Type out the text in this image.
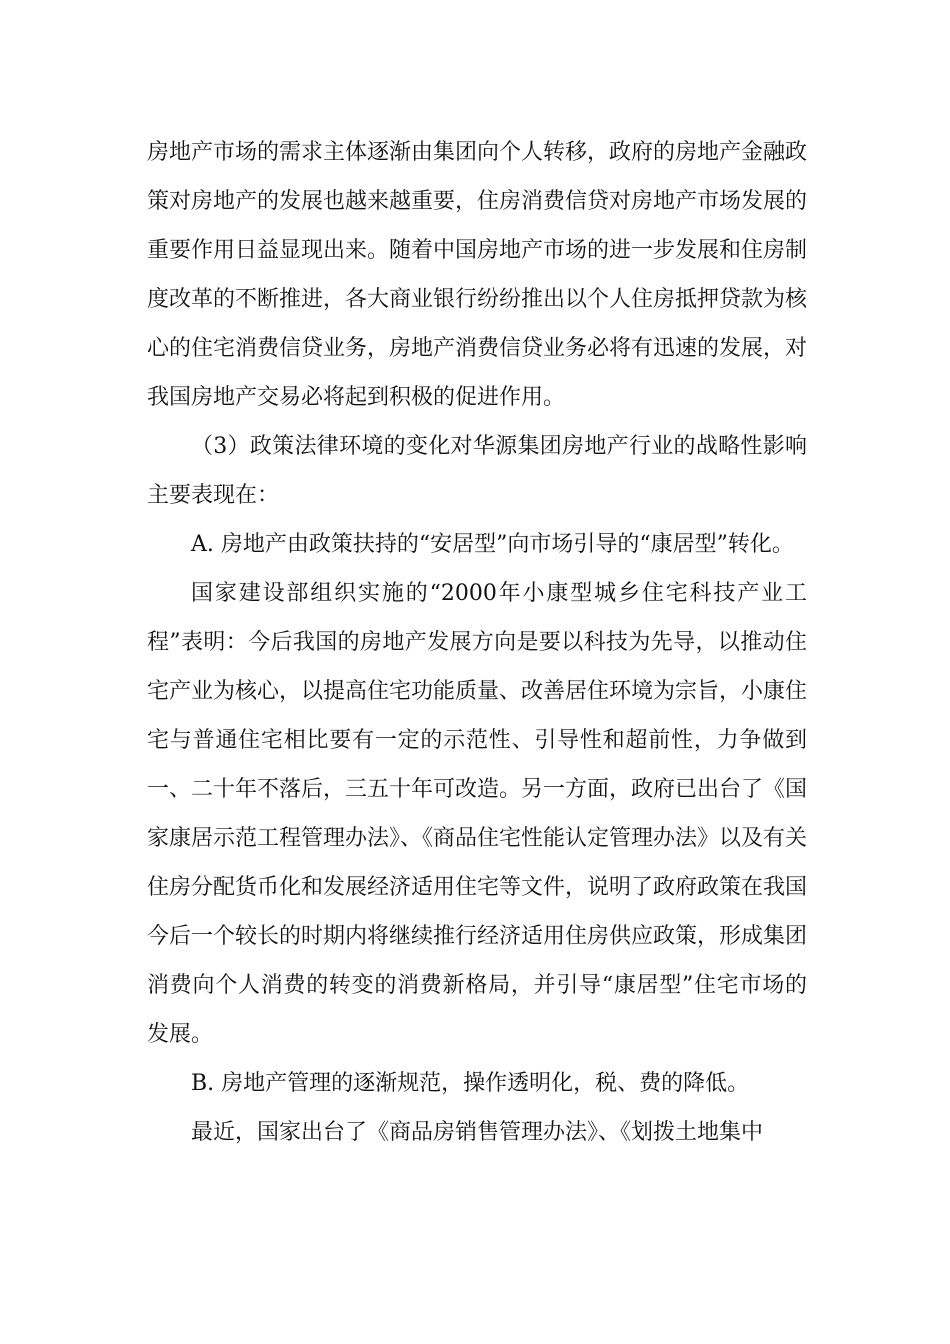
房地产市场的需求主体逐渐由集团向个人转移，政府的房地产金融政策对房地产的发展也越来越重要，住房消费信贷对房地产市场发展的重要作用日益显现出来。随着中国房地产市场的进一步发展和住房制度改革的不断推进，各大商业银行纷纷推出以个人住房抵押贷款为核心的住宅消费信贷业务，房地产消费信贷业务必将有迅速的发展，对我国房地产交易必将起到积极的促进作用。

（3）政策法律环境的变化对华源集团房地产行业的战略性影响主要表现在：

A. 房地产由政策扶持的“安居型”向市场引导的“康居型”转化。

国家建设部组织实施的“2000年小康型城乡住宅科技产业工程”表明：今后我国的房地产发展方向是要以科技为先导，以推动住宅产业为核心，以提高住宅功能质量、改善居住环境为宗旨，小康住宅与普通住宅相比要有一定的示范性、引导性和超前性，力争做到一、二十年不落后，三五十年可改造。另一方面，政府已出台了《国家康居示范工程管理办法》、《商品住宅性能认定管理办法》以及有关住房分配货币化和发展经济适用住宅等文件，说明了政府政策在我国今后一个较长的时期内将继续推行经济适用住房供应政策，形成集团消费向个人消费的转变的消费新格局，并引导“康居型”住宅市场的发展。

B. 房地产管理的逐渐规范，操作透明化，税、费的降低。

最近，国家出台了《商品房销售管理办法》、《划拨土地集中
